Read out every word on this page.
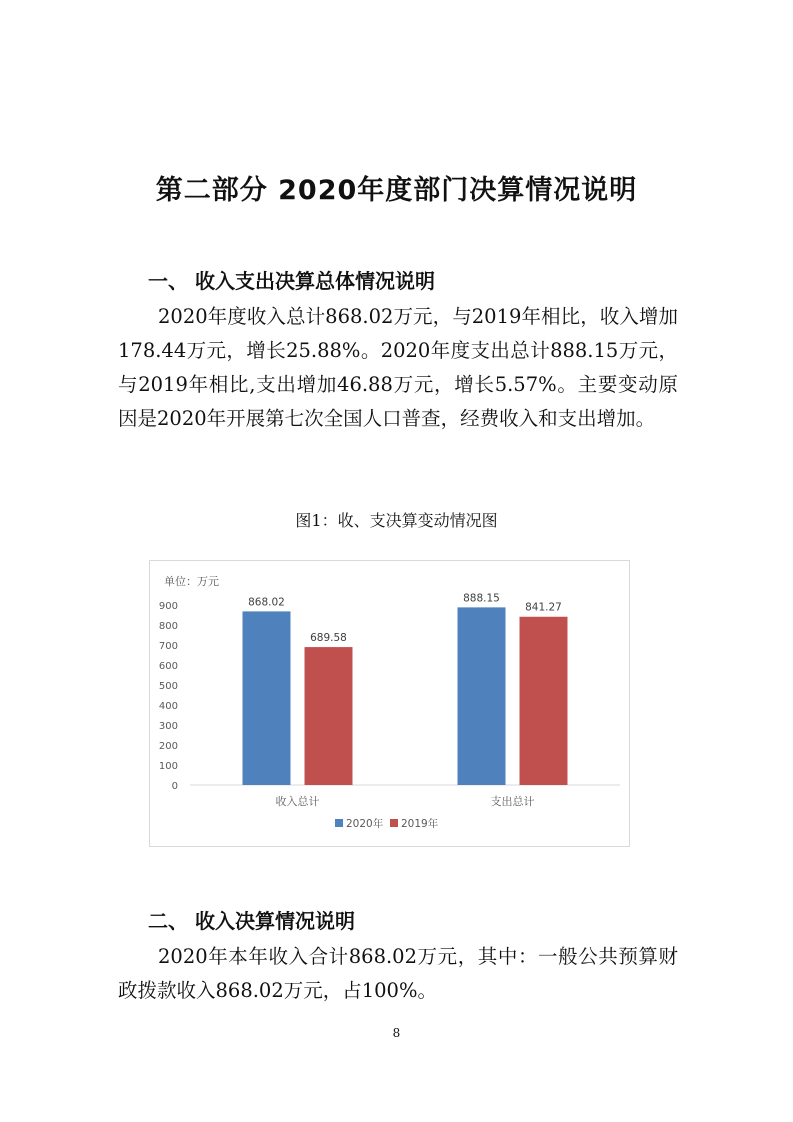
第二部分 2020年度部门决算情况说明
一、 收入支出决算总体情况说明
2020年度收入总计868.02万元，与2019年相比，收入增加178.44万元，增长25.88%。2020年度支出总计888.15万元，与2019年相比,支出增加46.88万元，增长5.57%。主要变动原因是2020年开展第七次全国人口普查，经费收入和支出增加。
图1：收、支决算变动情况图
单位：万元
0
100
200
300
400
500
600
700
800
900	868.02
689.58
收入总计
888.15
841.27
支出总计
2020年 2019年
二、 收入决算情况说明
2020年本年收入合计868.02万元，其中：一般公共预算财政拨款收入868.02万元，占100%。
8
